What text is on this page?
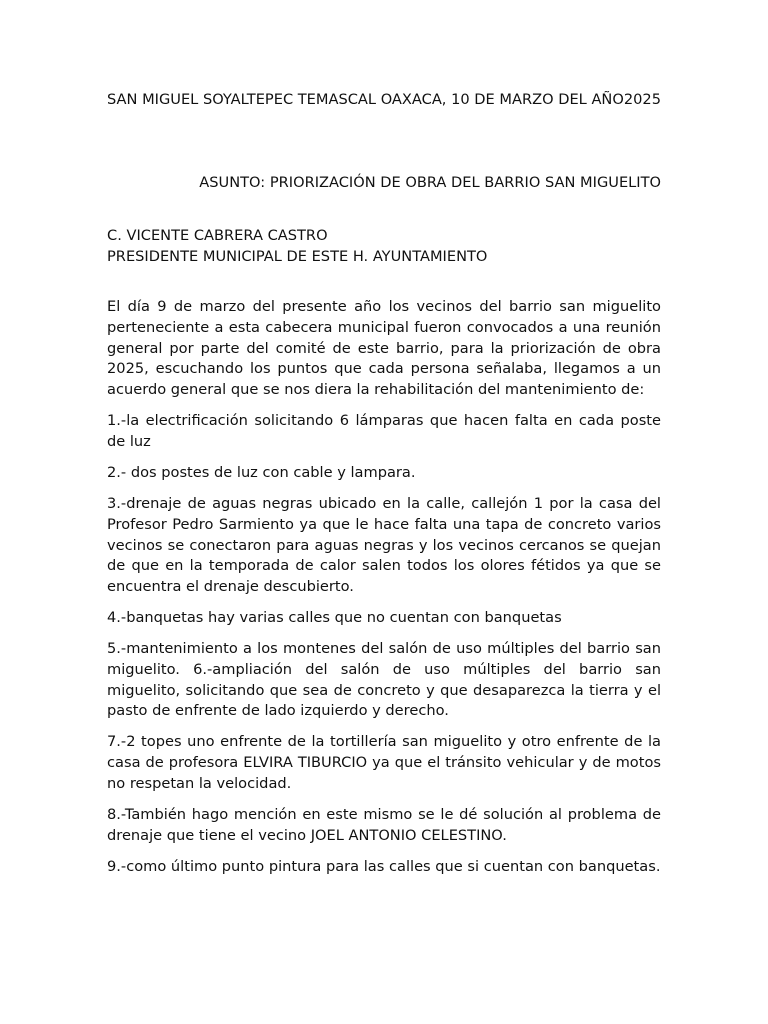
SAN MIGUEL SOYALTEPEC TEMASCAL OAXACA, 10 DE MARZO DEL AÑO2025
ASUNTO: PRIORIZACIÓN DE OBRA DEL BARRIO SAN MIGUELITO
C. VICENTE CABRERA CASTRO
PRESIDENTE MUNICIPAL DE ESTE H. AYUNTAMIENTO

El día 9 de marzo del presente año los vecinos del barrio san miguelito perteneciente a esta cabecera municipal fueron convocados a una reunión general por parte del comité de este barrio, para la priorización de obra 2025, escuchando los puntos que cada persona señalaba, llegamos a un acuerdo general que se nos diera la rehabilitación del mantenimiento de:

1.-la electrificación solicitando 6 lámparas que hacen falta en cada poste de luz

2.- dos postes de luz con cable y lampara.

3.-drenaje de aguas negras ubicado en la calle, callejón 1 por la casa del Profesor Pedro Sarmiento ya que le hace falta una tapa de concreto varios vecinos se conectaron para aguas negras y los vecinos cercanos se quejan de que en la temporada de calor salen todos los olores fétidos ya que se encuentra el drenaje descubierto.

4.-banquetas hay varias calles que no cuentan con banquetas

5.-mantenimiento a los montenes del salón de uso múltiples del barrio san miguelito. 6.-ampliación del salón de uso múltiples del barrio san miguelito, solicitando que sea de concreto y que desaparezca la tierra y el pasto de enfrente de lado izquierdo y derecho.

7.-2 topes uno enfrente de la tortillería san miguelito y otro enfrente de la casa de profesora ELVIRA TIBURCIO ya que el tránsito vehicular y de motos no respetan la velocidad.

8.-También hago mención en este mismo se le dé solución al problema de drenaje que tiene el vecino JOEL ANTONIO CELESTINO.

9.-como último punto pintura para las calles que si cuentan con banquetas.
